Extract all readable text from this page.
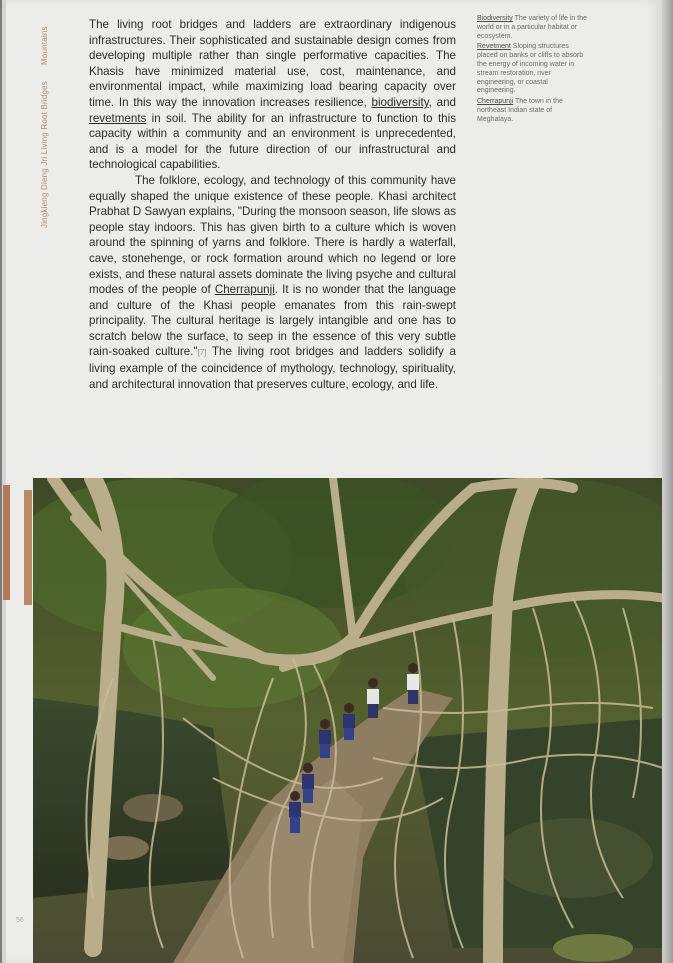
Jingkieng Dieng Jri Living Root BridgesMountains

The living root bridges and ladders are extraordinary indigenous infrastructures. Their sophisticated and sustainable design comes from developing multiple rather than single performative capacities. The Khasis have minimized material use, cost, maintenance, and environmental impact, while maximizing load bearing capacity over time. In this way the innovation increases resilience, biodiversity, and revetments in soil. The ability for an infrastructure to function to this capacity within a community and an environment is unprecedented, and is a model for the future direction of our infrastructural and technological capabilities.

The folklore, ecology, and technology of this community have equally shaped the unique existence of these people. Khasi architect Prabhat D Sawyan explains, "During the monsoon season, life slows as people stay indoors. This has given birth to a culture which is woven around the spinning of yarns and folklore. There is hardly a waterfall, cave, stonehenge, or rock formation around which no legend or lore exists, and these natural assets dominate the living psyche and cultural modes of the people of Cherrapunji. It is no wonder that the language and culture of the Khasi people emanates from this rain-swept principality. The cultural heritage is largely intangible and one has to scratch below the surface, to seep in the essence of this very subtle rain-soaked culture."[7] The living root bridges and ladders solidify a living example of the coincidence of mythology, technology, spirituality, and architectural innovation that preserves culture, ecology, and life.

Biodiversity The variety of life in the world or in a particular habitat or ecosystem.
Revetment Sloping structures placed on banks or cliffs to absorb the energy of incoming water in stream restoration, river engineering, or coastal engineering.
Cherrapunji The town in the northeast Indian state of Meghalaya.
56
